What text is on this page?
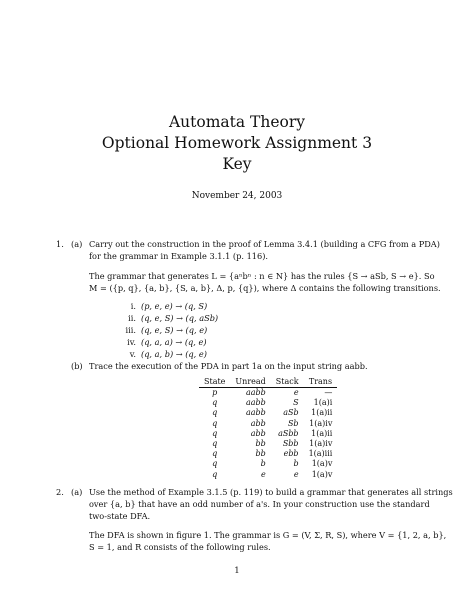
Automata Theory
Optional Homework Assignment 3
Key
November 24, 2003
1. (a) Carry out the construction in the proof of Lemma 3.4.1 (building a CFG from a PDA)
for the grammar in Example 3.1.1 (p. 116).
The grammar that generates L = {aⁿbⁿ : n ∈ N} has the rules {S → aSb, S → e}. So
M = ({p, q}, {a, b}, {S, a, b}, Δ, p, {q}), where Δ contains the following transitions.
i. (p, e, e) → (q, S)
ii. (q, e, S) → (q, aSb)
iii. (q, e, S) → (q, e)
iv. (q, a, a) → (q, e)
v. (q, a, b) → (q, e)
(b) Trace the execution of the PDA in part 1a on the input string aabb.
State	Unread	Stack	Trans
p	aabb	e	—
q	aabb	S	1(a)i
q	aabb	aSb	1(a)ii
q	abb	Sb	1(a)iv
q	abb	aSbb	1(a)ii
q	bb	Sbb	1(a)iv
q	bb	ebb	1(a)iii
q	b	b	1(a)v
q	e	e	1(a)v
2. (a) Use the method of Example 3.1.5 (p. 119) to build a grammar that generates all strings
over {a, b} that have an odd number of a's. In your construction use the standard
two-state DFA.
The DFA is shown in figure 1. The grammar is G = (V, Σ, R, S), where V = {1, 2, a, b},
S = 1, and R consists of the following rules.
1
